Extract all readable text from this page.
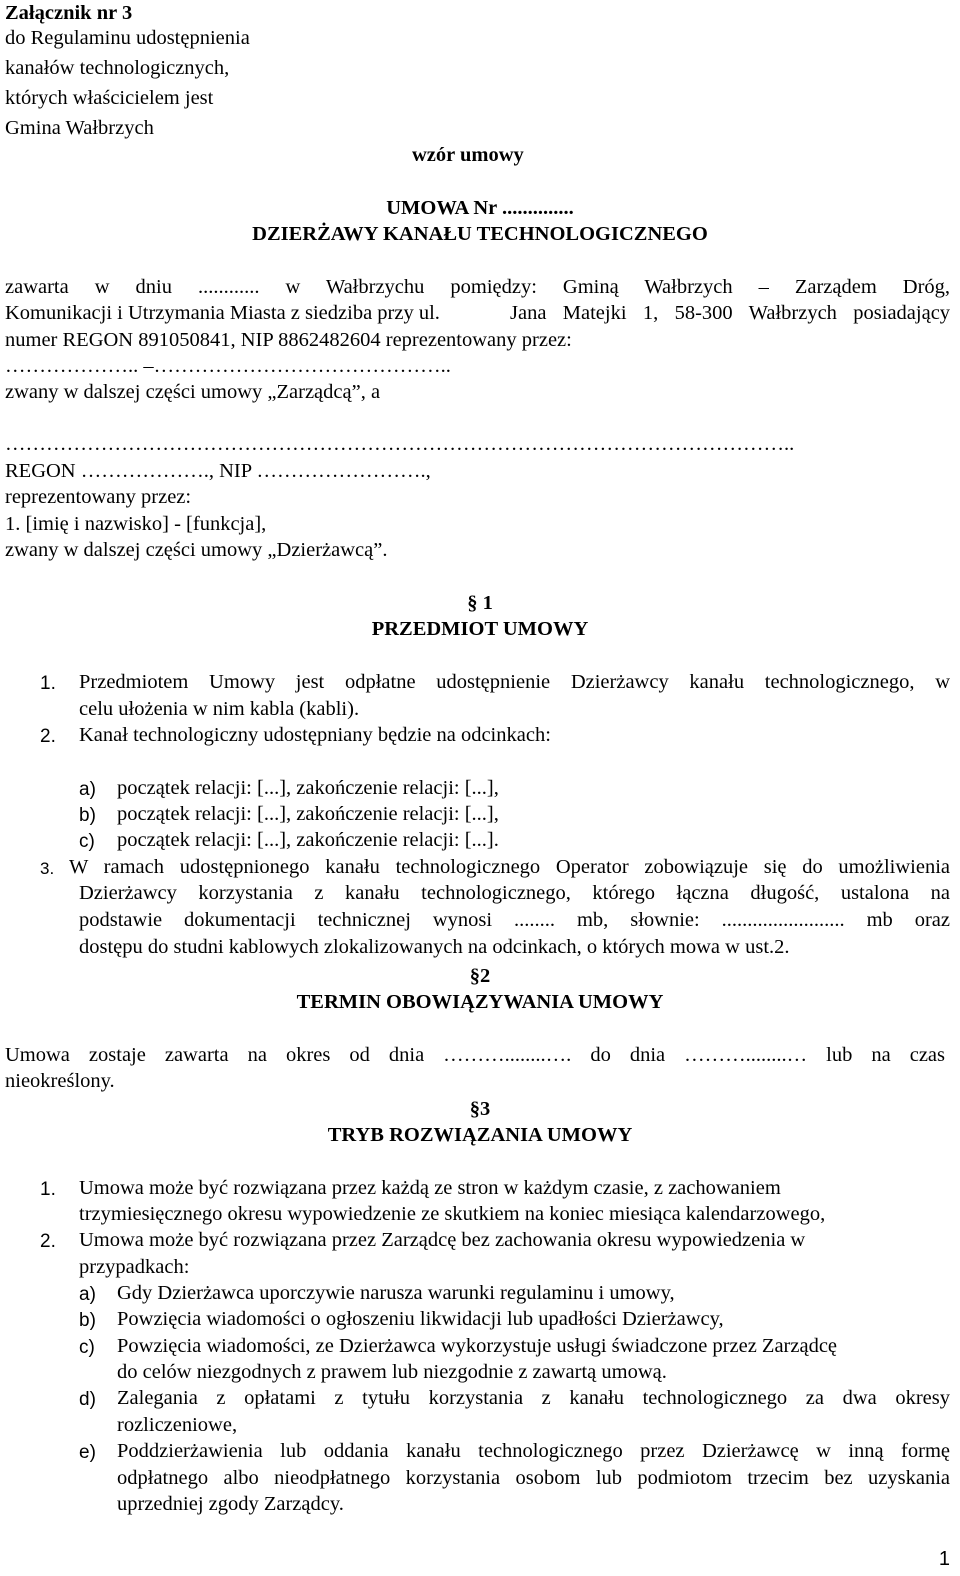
Załącznik nr 3
do Regulaminu udostępnienia
kanałów technologicznych,
których właścicielem jest
Gmina Wałbrzych
wzór umowy
UMOWA Nr ..............
DZIERŻAWY KANAŁU TECHNOLOGICZNEGO
zawarta w dniu ............ w Wałbrzychu pomiędzy: Gminą Wałbrzych – Zarządem Dróg,
Komunikacji i Utrzymania Miasta z siedziba przy ul.	Jana Matejki 1, 58-300 Wałbrzych posiadający
numer REGON 891050841, NIP 8862482604 reprezentowany przez:
……………….. –……………………………………..
zwany w dalszej części umowy „Zarządcą”, a
……………………………………………………………………………………………………..
REGON ………………., NIP …………………….,
reprezentowany przez:
1. [imię i nazwisko] - [funkcja],
zwany w dalszej części umowy „Dzierżawcą”.
§ 1
PRZEDMIOT UMOWY
1. Przedmiotem Umowy jest odpłatne udostępnienie Dzierżawcy kanału technologicznego, w
celu ułożenia w nim kabla (kabli).
2. Kanał technologiczny udostępniany będzie na odcinkach:
a) początek relacji: [...], zakończenie relacji: [...],
b) początek relacji: [...], zakończenie relacji: [...],
c) początek relacji: [...], zakończenie relacji: [...].
3. W ramach udostępnionego kanału technologicznego Operator zobowiązuje się do umożliwienia
Dzierżawcy korzystania z kanału technologicznego, którego łączna długość, ustalona na
podstawie dokumentacji technicznej wynosi ........ mb, słownie: ........................ mb oraz
dostępu do studni kablowych zlokalizowanych na odcinkach, o których mowa w ust.2.
§2
TERMIN OBOWIĄZYWANIA UMOWY
Umowa zostaje zawarta na okres od dnia ………........…. do dnia ………........… lub na czas
nieokreślony.
§3
TRYB ROZWIĄZANIA UMOWY
1. Umowa może być rozwiązana przez każdą ze stron w każdym czasie, z zachowaniem
trzymiesięcznego okresu wypowiedzenie ze skutkiem na koniec miesiąca kalendarzowego,
2. Umowa może być rozwiązana przez Zarządcę bez zachowania okresu wypowiedzenia w
przypadkach:
a) Gdy Dzierżawca uporczywie narusza warunki regulaminu i umowy,
b) Powzięcia wiadomości o ogłoszeniu likwidacji lub upadłości Dzierżawcy,
c) Powzięcia wiadomości, ze Dzierżawca wykorzystuje usługi świadczone przez Zarządcę
do celów niezgodnych z prawem lub niezgodnie z zawartą umową.
d) Zalegania z opłatami z tytułu korzystania z kanału technologicznego za dwa okresy
rozliczeniowe,
e) Poddzierżawienia lub oddania kanału technologicznego przez Dzierżawcę w inną formę
odpłatnego albo nieodpłatnego korzystania osobom lub podmiotom trzecim bez uzyskania
uprzedniej zgody Zarządcy.
1
